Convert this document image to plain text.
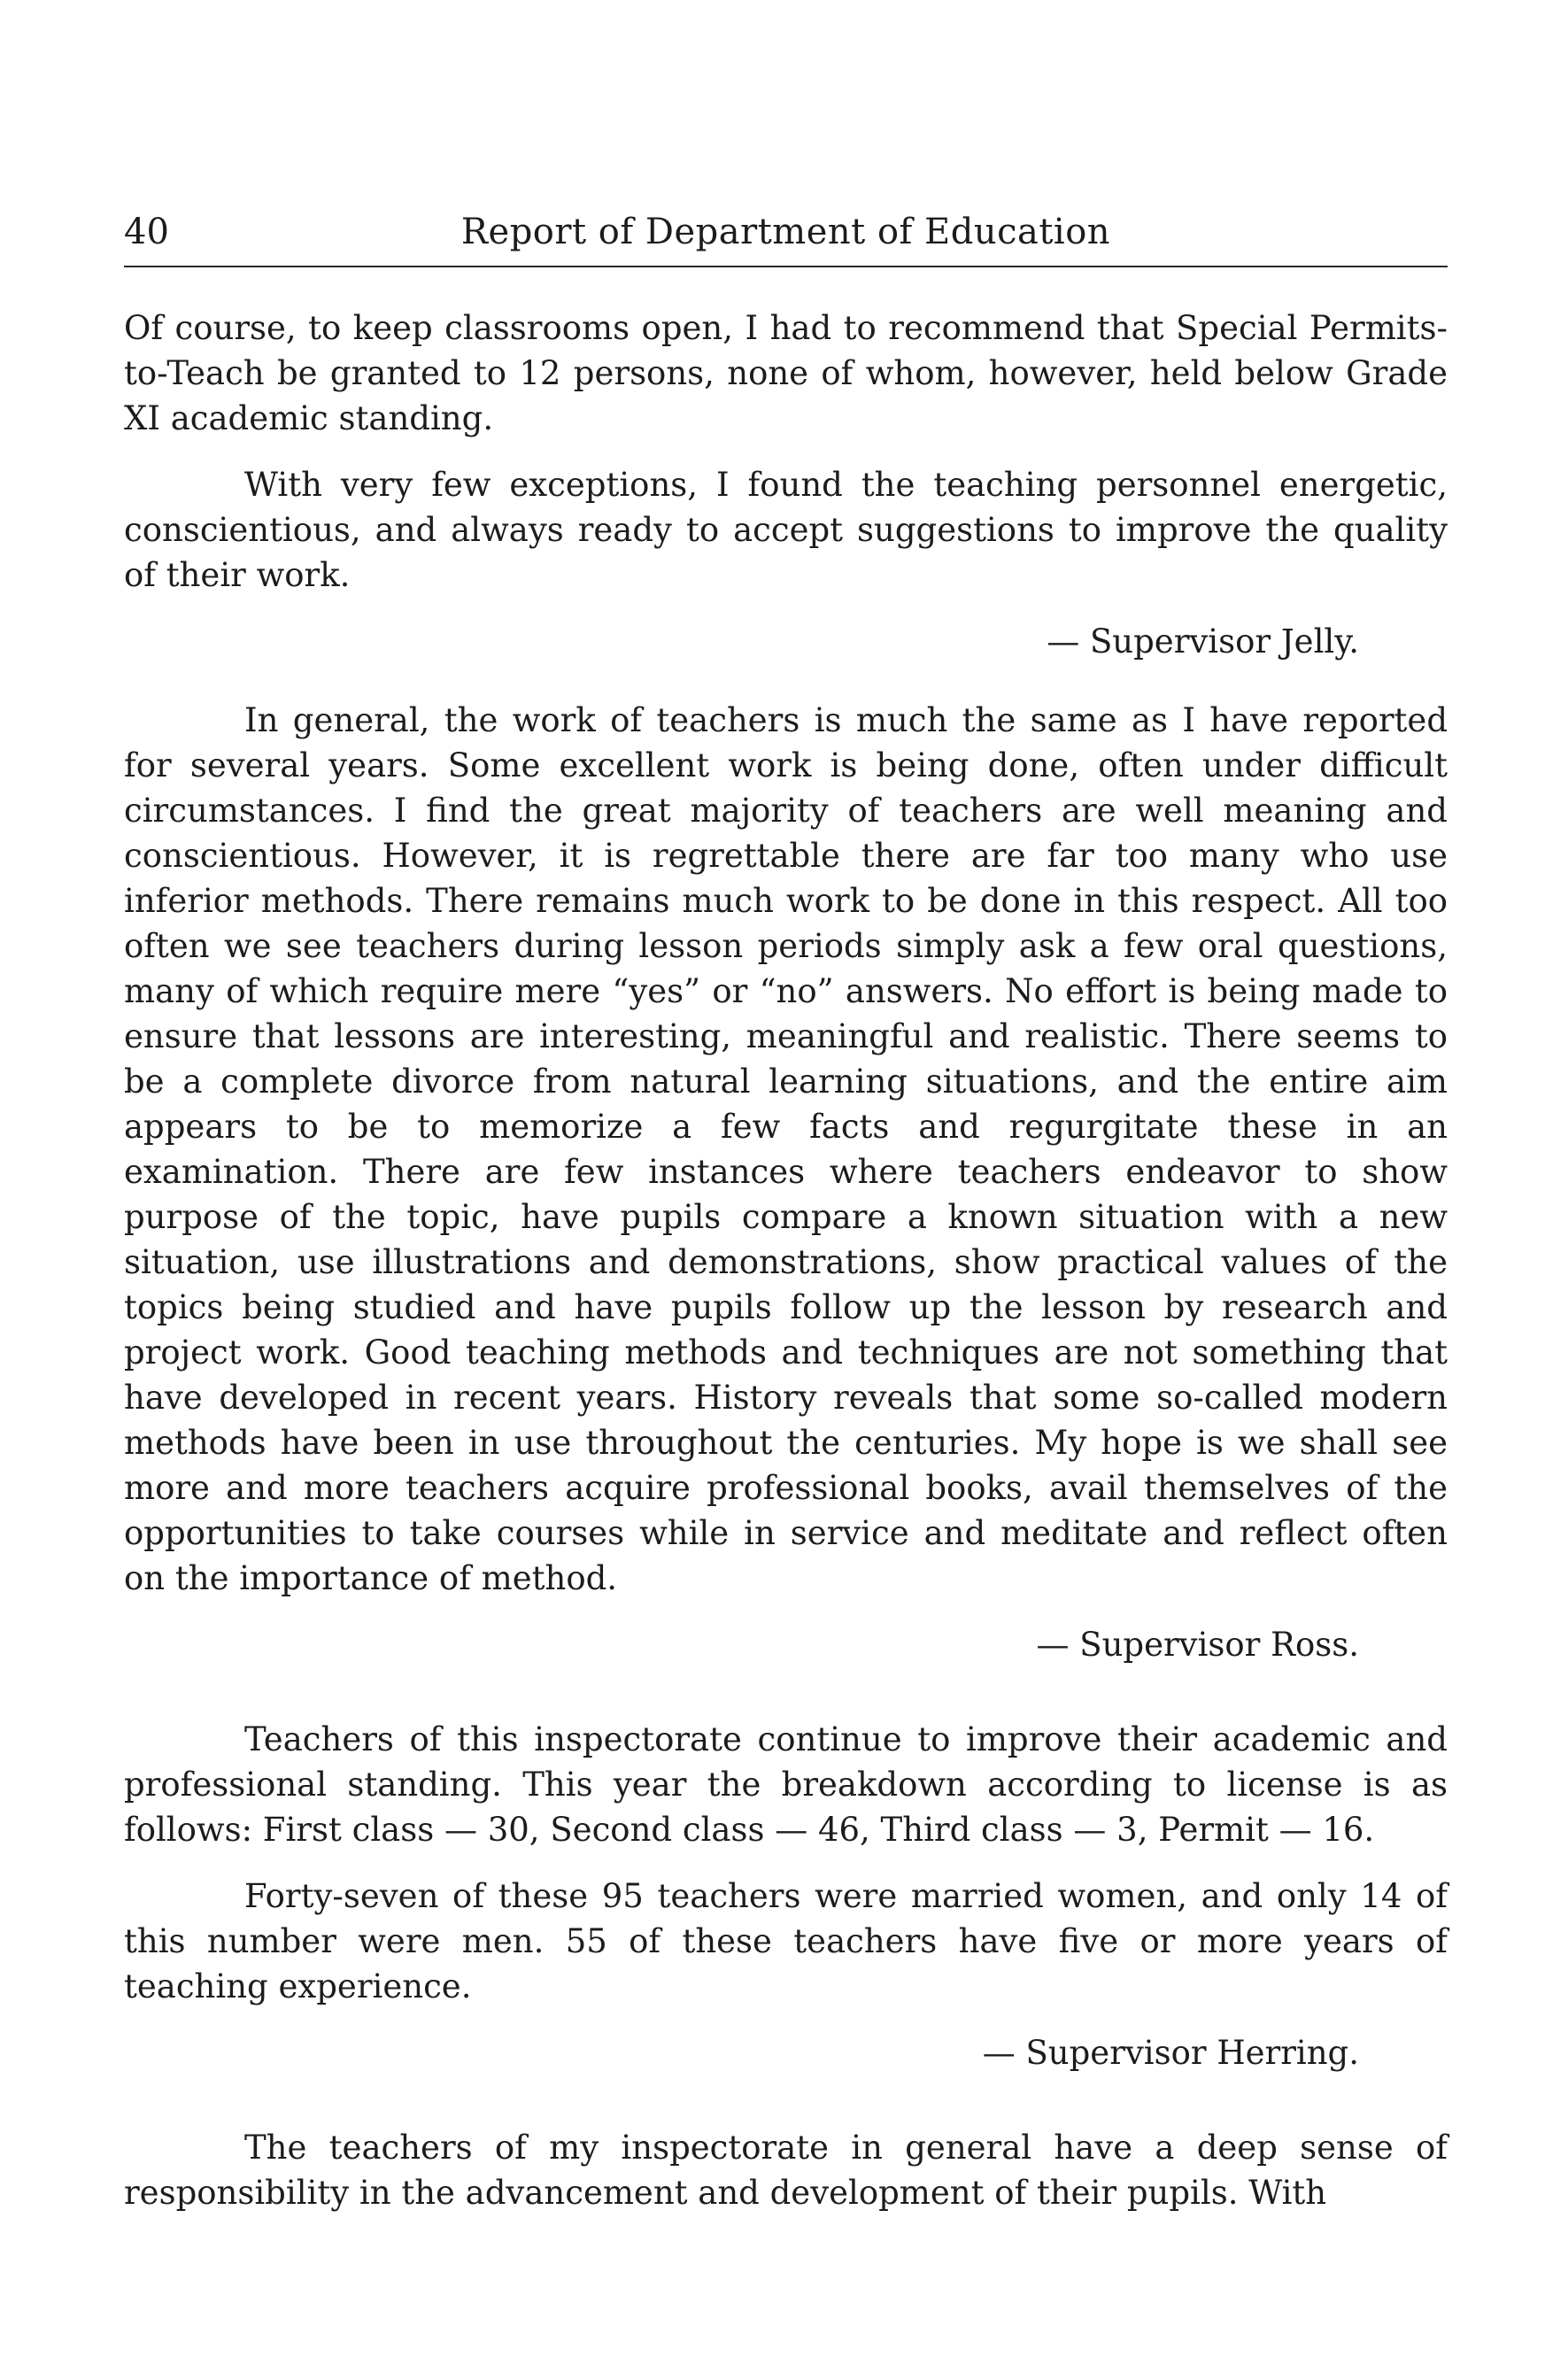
40	Report of Department of Education

Of course, to keep classrooms open, I had to recommend that Special Permits-to-Teach be granted to 12 persons, none of whom, however, held below Grade XI academic standing.

With very few exceptions, I found the teaching personnel energetic, conscientious, and always ready to accept suggestions to improve the quality of their work.

— Supervisor Jelly.

In general, the work of teachers is much the same as I have reported for several years. Some excellent work is being done, often under difficult circumstances. I find the great majority of teachers are well meaning and conscientious. However, it is regrettable there are far too many who use inferior methods. There remains much work to be done in this respect. All too often we see teachers during lesson periods simply ask a few oral questions, many of which require mere “yes” or “no” answers. No effort is being made to ensure that lessons are interesting, meaningful and realistic. There seems to be a complete divorce from natural learning situations, and the entire aim appears to be to memorize a few facts and regurgitate these in an examination. There are few instances where teachers endeavor to show purpose of the topic, have pupils compare a known situation with a new situation, use illustrations and demonstrations, show practical values of the topics being studied and have pupils follow up the lesson by research and project work. Good teaching methods and techniques are not something that have developed in recent years. History reveals that some so-called modern methods have been in use throughout the centuries. My hope is we shall see more and more teachers acquire professional books, avail themselves of the opportunities to take courses while in service and meditate and reflect often on the importance of method.

— Supervisor Ross.

Teachers of this inspectorate continue to improve their academic and professional standing. This year the breakdown according to license is as follows: First class — 30, Second class — 46, Third class — 3, Permit — 16.

Forty-seven of these 95 teachers were married women, and only 14 of this number were men. 55 of these teachers have five or more years of teaching experience.

— Supervisor Herring.

The teachers of my inspectorate in general have a deep sense of responsibility in the advancement and development of their pupils. With
